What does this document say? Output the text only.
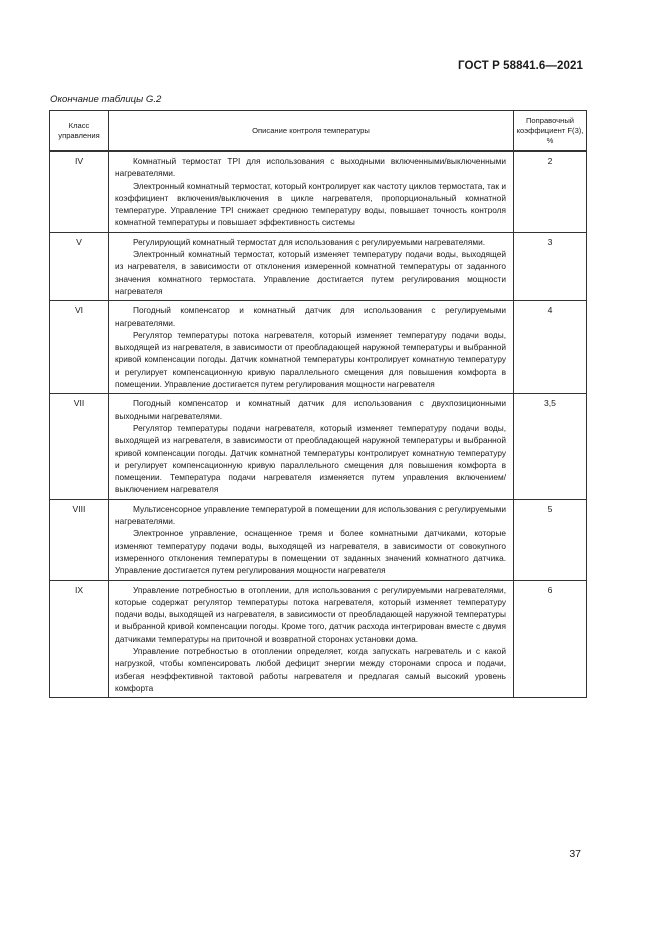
ГОСТ Р 58841.6—2021
Окончание таблицы G.2
Класс управления	Описание контроля температуры	Поправочный коэффициент F(3), %
IV	Комнатный термостат TPI для использования с выходными включенными/выключенными нагревателями.

Электронный комнатный термостат, который контролирует как частоту циклов термостата, так и коэффициент включения/выключения в цикле нагревателя, пропорциональный комнатной температуре. Управление TPI снижает среднюю температуру воды, повышает точность контроля комнатной температуры и повышает эффективность системы	2
V	Регулирующий комнатный термостат для использования с регулируемыми нагревателями.

Электронный комнатный термостат, который изменяет температуру подачи воды, выходящей из нагревателя, в зависимости от отклонения измеренной комнатной температуры от заданного значения комнатного термостата. Управление достигается путем регулирования мощности нагревателя	3
VI	Погодный компенсатор и комнатный датчик для использования с регулируемыми нагревателями.

Регулятор температуры потока нагревателя, который изменяет температуру подачи воды, выходящей из нагревателя, в зависимости от преобладающей наружной температуры и выбранной кривой компенсации погоды. Датчик комнатной температуры контролирует комнатную температуру и регулирует компенсационную кривую параллельного смещения для повышения комфорта в помещении. Управление достигается путем регулирования мощности нагревателя	4
VII	Погодный компенсатор и комнатный датчик для использования с двухпозиционными выходными нагревателями.

Регулятор температуры подачи нагревателя, который изменяет температуру подачи воды, выходящей из нагревателя, в зависимости от преобладающей наружной температуры и выбранной кривой компенсации погоды. Датчик комнатной температуры контролирует комнатную температуру и регулирует компенсационную кривую параллельного смещения для повышения комфорта в помещении. Температура подачи нагревателя изменяется путем управления включением/выключением нагревателя	3,5
VIII	Мультисенсорное управление температурой в помещении для использования с регулируемыми нагревателями.

Электронное управление, оснащенное тремя и более комнатными датчиками, которые изменяют температуру подачи воды, выходящей из нагревателя, в зависимости от совокупного измеренного отклонения температуры в помещении от заданных значений комнатного датчика. Управление достигается путем регулирования мощности нагревателя	5
IX	Управление потребностью в отоплении, для использования с регулируемыми нагревателями, которые содержат регулятор температуры потока нагревателя, который изменяет температуру подачи воды, выходящей из нагревателя, в зависимости от преобладающей наружной температуры и выбранной кривой компенсации погоды. Кроме того, датчик расхода интегрирован вместе с двумя датчиками температуры на приточной и возвратной сторонах установки дома.

Управление потребностью в отоплении определяет, когда запускать нагреватель и с какой нагрузкой, чтобы компенсировать любой дефицит энергии между сторонами спроса и подачи, избегая неэффективной тактовой работы нагревателя и предлагая самый высокий уровень комфорта	6
37
